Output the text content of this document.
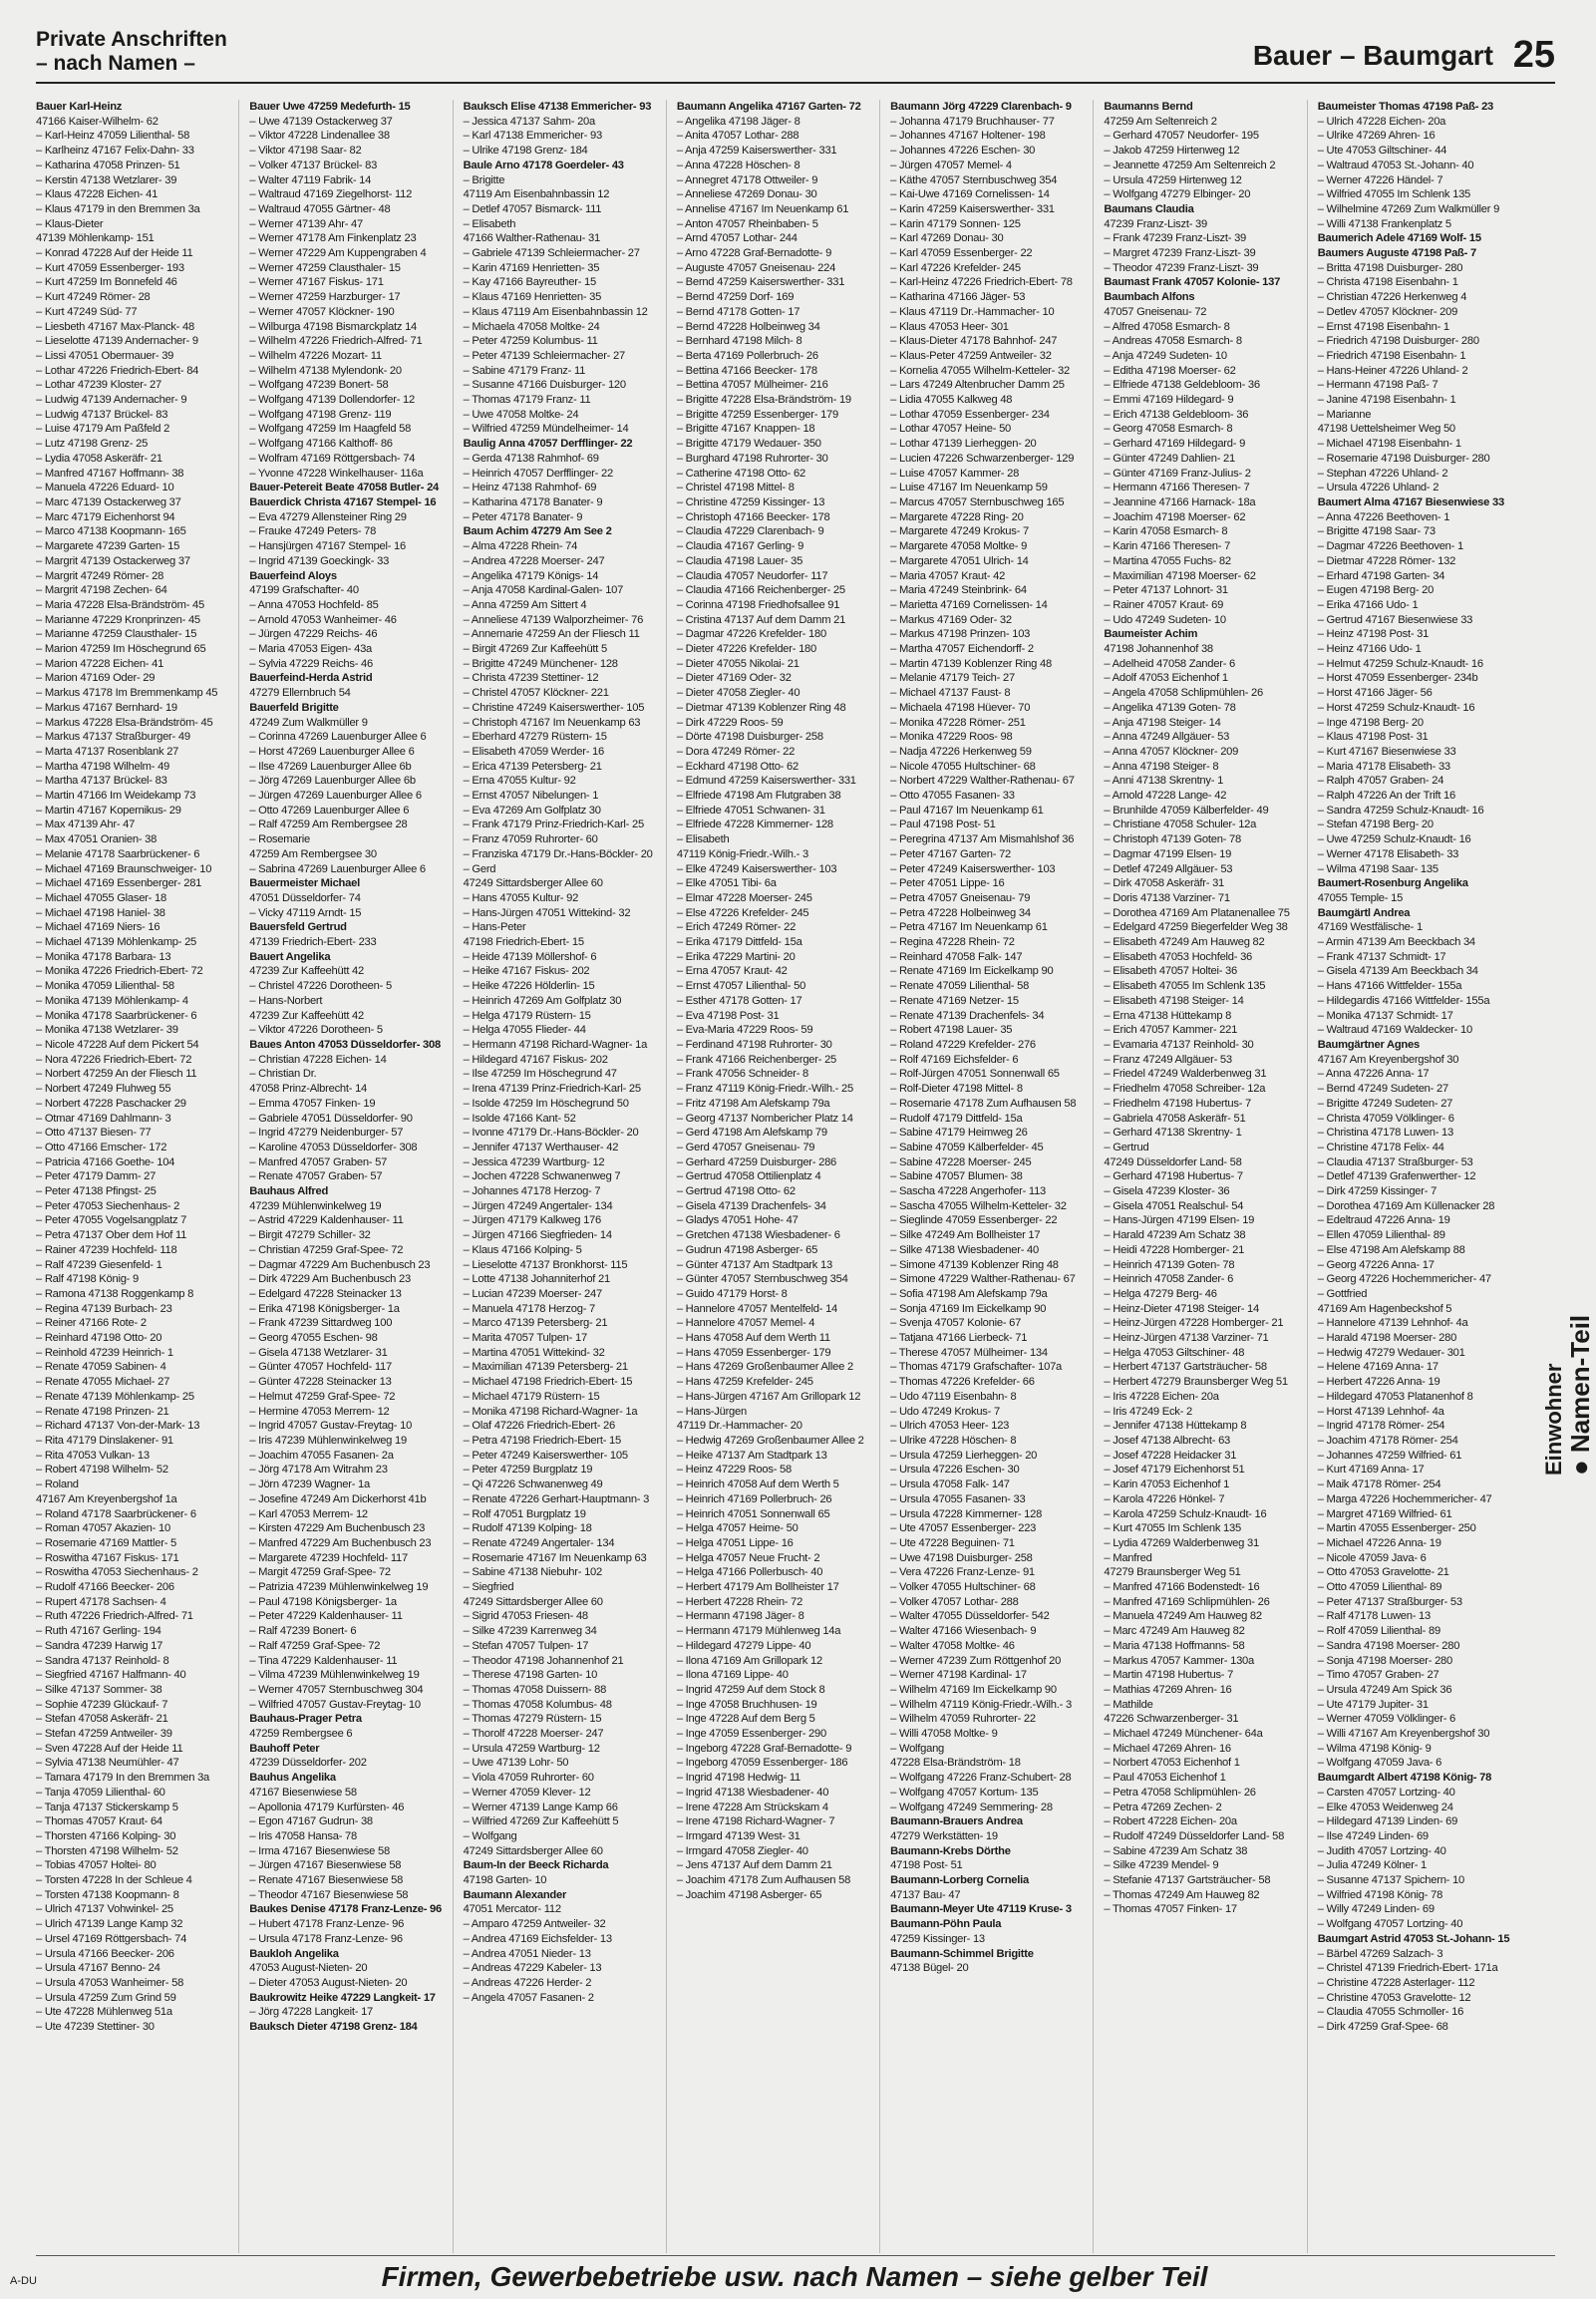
Private Anschriften
– nach Namen –	Bauer – Baumgart 25
Bauer Karl-Heinz
47166 Kaiser-Wilhelm- 62
– Karl-Heinz 47059 Lilienthal- 58
– Karlheinz 47167 Felix-Dahn- 33
– Katharina 47058 Prinzen- 51
– Kerstin 47138 Wetzlarer- 39
– Klaus 47228 Eichen- 41
– Klaus 47179 in den Bremmen 3a
– Klaus-Dieter
47139 Möhlenkamp- 151
– Konrad 47228 Auf der Heide 11
– Kurt 47059 Essenberger- 193
– Kurt 47259 Im Bonnefeld 46
– Kurt 47249 Römer- 28
– Kurt 47249 Süd- 77
– Liesbeth 47167 Max-Planck- 48
– Lieselotte 47139 Andernacher- 9
– Lissi 47051 Obermauer- 39
– Lothar 47226 Friedrich-Ebert- 84
– Lothar 47239 Kloster- 27
– Ludwig 47139 Andernacher- 9
– Ludwig 47137 Brückel- 83
– Luise 47179 Am Paßfeld 2
– Lutz 47198 Grenz- 25
– Lydia 47058 Askeräfr- 21
– Manfred 47167 Hoffmann- 38
– Manuela 47226 Eduard- 10
– Marc 47139 Ostackerweg 37
– Marc 47179 Eichenhorst 94
– Marco 47138 Koopmann- 165
– Margarete 47239 Garten- 15
– Margrit 47139 Ostackerweg 37
– Margrit 47249 Römer- 28
– Margrit 47198 Zechen- 64
– Maria 47228 Elsa-Brändström- 45
– Marianne 47229 Kronprinzen- 45
– Marianne 47259 Clausthaler- 15
– Marion 47259 Im Höschegrund 65
– Marion 47228 Eichen- 41
– Marion 47169 Oder- 29
– Markus 47178 Im Bremmenkamp 45
– Markus 47167 Bernhard- 19
– Markus 47228 Elsa-Brändström- 45
– Markus 47137 Straßburger- 49
– Marta 47137 Rosenblank 27
– Martha 47198 Wilhelm- 49
– Martha 47137 Brückel- 83
– Martin 47166 Im Weidekamp 73
– Martin 47167 Kopernikus- 29
– Max 47139 Ahr- 47
– Max 47051 Oranien- 38
– Melanie 47178 Saarbrückener- 6
– Michael 47169 Braunschweiger- 10
– Michael 47169 Essenberger- 281
– Michael 47055 Glaser- 18
– Michael 47198 Haniel- 38
– Michael 47169 Niers- 16
– Michael 47139 Möhlenkamp- 25
– Monika 47178 Barbara- 13
– Monika 47226 Friedrich-Ebert- 72
– Monika 47059 Lilienthal- 58
– Monika 47139 Möhlenkamp- 4
– Monika 47178 Saarbrückener- 6
– Monika 47138 Wetzlarer- 39
– Nicole 47228 Auf dem Pickert 54
– Nora 47226 Friedrich-Ebert- 72
– Norbert 47259 An der Fliesch 11
– Norbert 47249 Fluhweg 55
– Norbert 47228 Paschacker 29
– Otmar 47169 Dahlmann- 3
– Otto 47137 Biesen- 77
– Otto 47166 Emscher- 172
– Patricia 47166 Goethe- 104
– Peter 47179 Damm- 27
– Peter 47138 Pfingst- 25
– Peter 47053 Siechenhaus- 2
– Peter 47055 Vogelsangplatz 7
– Petra 47137 Ober dem Hof 11
– Rainer 47239 Hochfeld- 118
– Ralf 47239 Giesenfeld- 1
– Ralf 47198 König- 9
– Ramona 47138 Roggenkamp 8
– Regina 47139 Burbach- 23
– Reiner 47166 Rote- 2
– Reinhard 47198 Otto- 20
– Reinhold 47239 Heinrich- 1
– Renate 47059 Sabinen- 4
– Renate 47055 Michael- 27
– Renate 47139 Möhlenkamp- 25
– Renate 47198 Prinzen- 21
– Richard 47137 Von-der-Mark- 13
– Rita 47179 Dinslakener- 91
– Rita 47053 Vulkan- 13
– Robert 47198 Wilhelm- 52
– Roland
47167 Am Kreyenbergshof 1a
– Roland 47178 Saarbrückener- 6
– Roman 47057 Akazien- 10
– Rosemarie 47169 Mattler- 5
– Roswitha 47167 Fiskus- 171
– Roswitha 47053 Siechenhaus- 2
– Rudolf 47166 Beecker- 206
– Rupert 47178 Sachsen- 4
– Ruth 47226 Friedrich-Alfred- 71
– Ruth 47167 Gerling- 194
– Sandra 47239 Harwig 17
– Sandra 47137 Reinhold- 8
– Siegfried 47167 Halfmann- 40
– Silke 47137 Sommer- 38
– Sophie 47239 Glückauf- 7
– Stefan 47058 Askeräfr- 21
– Stefan 47259 Antweiler- 39
– Sven 47228 Auf der Heide 11
– Sylvia 47138 Neumühler- 47
– Tamara 47179 In den Bremmen 3a
– Tanja 47059 Lilienthal- 60
– Tanja 47137 Stickerskamp 5
– Thomas 47057 Kraut- 64
– Thorsten 47166 Kolping- 30
– Thorsten 47198 Wilhelm- 52
– Tobias 47057 Holtei- 80
– Torsten 47228 In der Schleue 4
– Torsten 47138 Koopmann- 8
– Ulrich 47137 Vohwinkel- 25
– Ulrich 47139 Lange Kamp 32
– Ursel 47169 Röttgersbach- 74
– Ursula 47166 Beecker- 206
– Ursula 47167 Benno- 24
– Ursula 47053 Wanheimer- 58
– Ursula 47259 Zum Grind 59
– Ute 47228 Mühlenweg 51a
– Ute 47239 Stettiner- 30
Bauer Uwe 47259 Medefurth- 15
– Uwe 47139 Ostackerweg 37
– Viktor 47228 Lindenallee 38
– Viktor 47198 Saar- 82
– Volker 47137 Brückel- 83
– Walter 47119 Fabrik- 14
– Waltraud 47169 Ziegelhorst- 112
– Waltraud 47055 Gärtner- 48
– Werner 47139 Ahr- 47
– Werner 47178 Am Finkenplatz 23
– Werner 47229 Am Kuppengraben 4
– Werner 47259 Clausthaler- 15
– Werner 47167 Fiskus- 171
– Werner 47259 Harzburger- 17
– Werner 47057 Klöckner- 190
– Wilburga 47198 Bismarckplatz 14
– Wilhelm 47226 Friedrich-Alfred- 71
– Wilhelm 47226 Mozart- 11
– Wilhelm 47138 Mylendonk- 20
– Wolfgang 47239 Bonert- 58
– Wolfgang 47139 Dollendorfer- 12
– Wolfgang 47198 Grenz- 119
– Wolfgang 47259 Im Haagfeld 58
– Wolfgang 47166 Kalthoff- 86
– Wolfram 47169 Röttgersbach- 74
– Yvonne 47228 Winkelhauser- 116a
Bauer-Petereit Beate 47058 Butler- 24
Bauerdick Christa 47167 Stempel- 16
– Eva 47279 Allensteiner Ring 29
– Frauke 47249 Peters- 78
– Hansjürgen 47167 Stempel- 16
– Ingrid 47139 Goeckingk- 33
Bauerfeind Aloys
47199 Grafschafter- 40
– Anna 47053 Hochfeld- 85
– Arnold 47053 Wanheimer- 46
– Jürgen 47229 Reichs- 46
– Maria 47053 Eigen- 43a
– Sylvia 47229 Reichs- 46
Bauerfeind-Herda Astrid
47279 Ellernbruch 54
Bauerfeld Brigitte
47249 Zum Walkmüller 9
– Corinna 47269 Lauenburger Allee 6
– Horst 47269 Lauenburger Allee 6
– Ilse 47269 Lauenburger Allee 6b
– Jörg 47269 Lauenburger Allee 6b
– Jürgen 47269 Lauenburger Allee 6
– Otto 47269 Lauenburger Allee 6
– Ralf 47259 Am Rembergsee 28
– Rosemarie
47259 Am Rembergsee 30
– Sabrina 47269 Lauenburger Allee 6
Bauermeister Michael
47051 Düsseldorfer- 74
– Vicky 47119 Arndt- 15
Bauersfeld Gertrud
47139 Friedrich-Ebert- 233
Bauert Angelika
47239 Zur Kaffeehütt 42
– Christel 47226 Dorotheen- 5
– Hans-Norbert
47239 Zur Kaffeehütt 42
– Viktor 47226 Dorotheen- 5
Baues Anton 47053 Düsseldorfer- 308
– Christian 47228 Eichen- 14
– Christian Dr.
47058 Prinz-Albrecht- 14
– Emma 47057 Finken- 19
– Gabriele 47051 Düsseldorfer- 90
– Ingrid 47279 Neidenburger- 57
– Karoline 47053 Düsseldorfer- 308
– Manfred 47057 Graben- 57
– Renate 47057 Graben- 57
Bauhaus Alfred
47239 Mühlenwinkelweg 19
– Astrid 47229 Kaldenhauser- 11
– Birgit 47279 Schiller- 32
– Christian 47259 Graf-Spee- 72
– Dagmar 47229 Am Buchenbusch 23
– Dirk 47229 Am Buchenbusch 23
– Edelgard 47228 Steinacker 13
– Erika 47198 Königsberger- 1a
– Frank 47239 Sittardweg 100
– Georg 47055 Eschen- 98
– Gisela 47138 Wetzlarer- 31
– Günter 47057 Hochfeld- 117
– Günter 47228 Steinacker 13
– Helmut 47259 Graf-Spee- 72
– Hermine 47053 Merrem- 12
– Ingrid 47057 Gustav-Freytag- 10
– Iris 47239 Mühlenwinkelweg 19
– Joachim 47055 Fasanen- 2a
– Jörg 47178 Am Witrahm 23
– Jörn 47239 Wagner- 1a
– Josefine 47249 Am Dickerhorst 41b
– Karl 47053 Merrem- 12
– Kirsten 47229 Am Buchenbusch 23
– Manfred 47229 Am Buchenbusch 23
– Margarete 47239 Hochfeld- 117
– Margit 47259 Graf-Spee- 72
– Patrizia 47239 Mühlenwinkelweg 19
– Paul 47198 Königsberger- 1a
– Peter 47229 Kaldenhauser- 11
– Ralf 47239 Bonert- 6
– Ralf 47259 Graf-Spee- 72
– Tina 47229 Kaldenhauser- 11
– Vilma 47239 Mühlenwinkelweg 19
– Werner 47057 Sternbuschweg 304
– Wilfried 47057 Gustav-Freytag- 10
Bauhaus-Prager Petra
47259 Rembergsee 6
Bauhoff Peter
47239 Düsseldorfer- 202
Bauhus Angelika
47167 Biesenwiese 58
– Apollonia 47179 Kurfürsten- 46
– Egon 47167 Gudrun- 38
– Iris 47058 Hansa- 78
– Irma 47167 Biesenwiese 58
– Jürgen 47167 Biesenwiese 58
– Renate 47167 Biesenwiese 58
– Theodor 47167 Biesenwiese 58
Baukes Denise 47178 Franz-Lenze- 96
– Hubert 47178 Franz-Lenze- 96
– Ursula 47178 Franz-Lenze- 96
Baukloh Angelika
47053 August-Nieten- 20
– Dieter 47053 August-Nieten- 20
Baukrowitz Heike 47229 Langkeit- 17
– Jörg 47228 Langkeit- 17
Bauksch Dieter 47198 Grenz- 184
Bauksch Elise 47138 Emmericher- 93
– Jessica 47137 Sahm- 20a
– Karl 47138 Emmericher- 93
– Ulrike 47198 Grenz- 184
Baule Arno 47178 Goerdeler- 43
– Brigitte
47119 Am Eisenbahnbassin 12
– Detlef 47057 Bismarck- 111
– Elisabeth
47166 Walther-Rathenau- 31
– Gabriele 47139 Schleiermacher- 27
– Karin 47169 Henrietten- 35
– Kay 47166 Bayreuther- 15
– Klaus 47169 Henrietten- 35
– Klaus 47119 Am Eisenbahnbassin 12
– Michaela 47058 Moltke- 24
– Peter 47259 Kolumbus- 11
– Peter 47139 Schleiermacher- 27
– Sabine 47179 Franz- 11
– Susanne 47166 Duisburger- 120
– Thomas 47179 Franz- 11
– Uwe 47058 Moltke- 24
– Wilfried 47259 Mündelheimer- 14
Baulig Anna 47057 Derfflinger- 22
– Gerda 47138 Rahmhof- 69
– Heinrich 47057 Derfflinger- 22
– Heinz 47138 Rahmhof- 69
– Katharina 47178 Banater- 9
– Peter 47178 Banater- 9
Baum Achim 47279 Am See 2
– Alma 47228 Rhein- 74
– Andrea 47228 Moerser- 247
– Angelika 47179 Königs- 14
– Anja 47058 Kardinal-Galen- 107
– Anna 47259 Am Sittert 4
– Anneliese 47139 Walporzheimer- 76
– Annemarie 47259 An der Fliesch 11
– Birgit 47269 Zur Kaffeehütt 5
– Brigitte 47249 Münchener- 128
– Christa 47239 Stettiner- 12
– Christel 47057 Klöckner- 221
– Christine 47249 Kaiserswerther- 105
– Christoph 47167 Im Neuenkamp 63
– Eberhard 47279 Rüstern- 15
– Elisabeth 47059 Werder- 16
– Erica 47139 Petersberg- 21
– Erna 47055 Kultur- 92
– Ernst 47057 Nibelungen- 1
– Eva 47269 Am Golfplatz 30
– Frank 47179 Prinz-Friedrich-Karl- 25
– Franz 47059 Ruhrorter- 60
– Franziska 47179 Dr.-Hans-Böckler- 20
– Gerd
47249 Sittardsberger Allee 60
– Hans 47055 Kultur- 92
– Hans-Jürgen 47051 Wittekind- 32
– Hans-Peter
47198 Friedrich-Ebert- 15
– Heide 47139 Möllershof- 6
– Heike 47167 Fiskus- 202
– Heike 47226 Hölderlin- 15
– Heinrich 47269 Am Golfplatz 30
– Helga 47179 Rüstern- 15
– Helga 47055 Flieder- 44
– Hermann 47198 Richard-Wagner- 1a
– Hildegard 47167 Fiskus- 202
– Ilse 47259 Im Höschegrund 47
– Irena 47139 Prinz-Friedrich-Karl- 25
– Isolde 47259 Im Höschegrund 50
– Isolde 47166 Kant- 52
– Ivonne 47179 Dr.-Hans-Böckler- 20
– Jennifer 47137 Werthauser- 42
– Jessica 47239 Wartburg- 12
– Jochen 47228 Schwanenweg 7
– Johannes 47178 Herzog- 7
– Jürgen 47249 Angertaler- 134
– Jürgen 47179 Kalkweg 176
– Jürgen 47166 Siegfrieden- 14
– Klaus 47166 Kolping- 5
– Lieselotte 47137 Bronkhorst- 115
– Lotte 47138 Johanniterhof 21
– Lucian 47239 Moerser- 247
– Manuela 47178 Herzog- 7
– Marco 47139 Petersberg- 21
– Marita 47057 Tulpen- 17
– Martina 47051 Wittekind- 32
– Maximilian 47139 Petersberg- 21
– Michael 47198 Friedrich-Ebert- 15
– Michael 47179 Rüstern- 15
– Monika 47198 Richard-Wagner- 1a
– Olaf 47226 Friedrich-Ebert- 26
– Petra 47198 Friedrich-Ebert- 15
– Peter 47249 Kaiserswerther- 105
– Peter 47259 Burgplatz 19
– Qi 47226 Schwanenweg 49
– Renate 47226 Gerhart-Hauptmann- 3
– Rolf 47051 Burgplatz 19
– Rudolf 47139 Kolping- 18
– Renate 47249 Angertaler- 134
– Rosemarie 47167 Im Neuenkamp 63
– Sabine 47138 Niebuhr- 102
– Siegfried
47249 Sittardsberger Allee 60
– Sigrid 47053 Friesen- 48
– Silke 47239 Karrenweg 34
– Stefan 47057 Tulpen- 17
– Theodor 47198 Johannenhof 21
– Therese 47198 Garten- 10
– Thomas 47058 Duissern- 88
– Thomas 47058 Kolumbus- 48
– Thomas 47279 Rüstern- 15
– Thorolf 47228 Moerser- 247
– Ursula 47259 Wartburg- 12
– Uwe 47139 Lohr- 50
– Viola 47059 Ruhrorter- 60
– Werner 47059 Klever- 12
– Werner 47139 Lange Kamp 66
– Wilfried 47269 Zur Kaffeehütt 5
– Wolfgang
47249 Sittardsberger Allee 60
Baum-In der Beeck Richarda
47198 Garten- 10
Baumann Alexander
47051 Mercator- 112
– Amparo 47259 Antweiler- 32
– Andrea 47169 Eichsfelder- 13
– Andrea 47051 Nieder- 13
– Andreas 47229 Kabeler- 13
– Andreas 47226 Herder- 2
– Angela 47057 Fasanen- 2
Baumann Angelika 47167 Garten- 72
– Angelika 47198 Jäger- 8
– Anita 47057 Lothar- 288
– Anja 47259 Kaiserswerther- 331
– Anna 47228 Höschen- 8
– Annegret 47178 Ottweiler- 9
– Anneliese 47269 Donau- 30
– Annelise 47167 Im Neuenkamp 61
– Anton 47057 Rheinbaben- 5
– Arnd 47057 Lothar- 244
– Arno 47228 Graf-Bernadotte- 9
– Auguste 47057 Gneisenau- 224
– Bernd 47259 Kaiserswerther- 331
– Bernd 47259 Dorf- 169
– Bernd 47178 Gotten- 17
– Bernd 47228 Holbeinweg 34
– Bernhard 47198 Milch- 8
– Berta 47169 Pollerbruch- 26
– Bettina 47166 Beecker- 178
– Bettina 47057 Mülheimer- 216
– Brigitte 47228 Elsa-Brändström- 19
– Brigitte 47259 Essenberger- 179
– Brigitte 47167 Knappen- 18
– Brigitte 47179 Wedauer- 350
– Burghard 47198 Ruhrorter- 30
– Catherine 47198 Otto- 62
– Christel 47198 Mittel- 8
– Christine 47259 Kissinger- 13
– Christoph 47166 Beecker- 178
– Claudia 47229 Clarenbach- 9
– Claudia 47167 Gerling- 9
– Claudia 47198 Lauer- 35
– Claudia 47057 Neudorfer- 117
– Claudia 47166 Reichenberger- 25
– Corinna 47198 Friedhofsallee 91
– Cristina 47137 Auf dem Damm 21
– Dagmar 47226 Krefelder- 180
– Dieter 47226 Krefelder- 180
– Dieter 47055 Nikolai- 21
– Dieter 47169 Oder- 32
– Dieter 47058 Ziegler- 40
– Dietmar 47139 Koblenzer Ring 48
– Dirk 47229 Roos- 59
– Dörte 47198 Duisburger- 258
– Dora 47249 Römer- 22
– Eckhard 47198 Otto- 62
– Edmund 47259 Kaiserswerther- 331
– Elfriede 47198 Am Flutgraben 38
– Elfriede 47051 Schwanen- 31
– Elfriede 47228 Kimmerner- 128
– Elisabeth
47119 König-Friedr.-Wilh.- 3
– Elke 47249 Kaiserswerther- 103
– Elke 47051 Tibi- 6a
– Elmar 47228 Moerser- 245
– Else 47226 Krefelder- 245
– Erich 47249 Römer- 22
– Erika 47179 Dittfeld- 15a
– Erika 47229 Martini- 20
– Erna 47057 Kraut- 42
– Ernst 47057 Lilienthal- 50
– Esther 47178 Gotten- 17
– Eva 47198 Post- 31
– Eva-Maria 47229 Roos- 59
– Ferdinand 47198 Ruhrorter- 30
– Frank 47166 Reichenberger- 25
– Frank 47056 Schneider- 8
– Franz 47119 König-Friedr.-Wilh.- 25
– Fritz 47198 Am Alefskamp 79a
– Georg 47137 Nombericher Platz 14
– Gerd 47198 Am Alefskamp 79
– Gerd 47057 Gneisenau- 79
– Gerhard 47259 Duisburger- 286
– Gertrud 47058 Ottilienplatz 4
– Gertrud 47198 Otto- 62
– Gisela 47139 Drachenfels- 34
– Gladys 47051 Hohe- 47
– Gretchen 47138 Wiesbadener- 6
– Gudrun 47198 Asberger- 65
– Günter 47137 Am Stadtpark 13
– Günter 47057 Sternbuschweg 354
– Guido 47179 Horst- 8
– Hannelore 47057 Mentelfeld- 14
– Hannelore 47057 Memel- 4
– Hans 47058 Auf dem Werth 11
– Hans 47059 Essenberger- 179
– Hans 47269 Großenbaumer Allee 2
– Hans 47259 Krefelder- 245
– Hans-Jürgen 47167 Am Grillopark 12
– Hans-Jürgen
47119 Dr.-Hammacher- 20
– Hedwig 47269 Großenbaumer Allee 2
– Heike 47137 Am Stadtpark 13
– Heinz 47229 Roos- 58
– Heinrich 47058 Auf dem Werth 5
– Heinrich 47169 Pollerbruch- 26
– Heinrich 47051 Sonnenwall 65
– Helga 47057 Heime- 50
– Helga 47051 Lippe- 16
– Helga 47057 Neue Frucht- 2
– Helga 47166 Pollerbusch- 40
– Herbert 47179 Am Bollheister 17
– Herbert 47228 Rhein- 72
– Hermann 47198 Jäger- 8
– Hermann 47179 Mühlenweg 14a
– Hildegard 47279 Lippe- 40
– Ilona 47169 Am Grillopark 12
– Ilona 47169 Lippe- 40
– Ingrid 47259 Auf dem Stock 8
– Inge 47058 Bruchhusen- 19
– Inge 47228 Auf dem Berg 5
– Inge 47059 Essenberger- 290
– Ingeborg 47228 Graf-Bernadotte- 9
– Ingeborg 47059 Essenberger- 186
– Ingrid 47198 Hedwig- 11
– Ingrid 47138 Wiesbadener- 40
– Irene 47228 Am Strückskam 4
– Irene 47198 Richard-Wagner- 7
– Irmgard 47139 West- 31
– Irmgard 47058 Ziegler- 40
– Jens 47137 Auf dem Damm 21
– Joachim 47178 Zum Aufhausen 58
– Joachim 47198 Asberger- 65
Baumann Jörg 47229 Clarenbach- 9
– Johanna 47179 Bruchhauser- 77
– Johannes 47167 Holtener- 198
– Johannes 47226 Eschen- 30
– Jürgen 47057 Memel- 4
– Käthe 47057 Sternbuschweg 354
– Kai-Uwe 47169 Cornelissen- 14
– Karin 47259 Kaiserswerther- 331
– Karin 47179 Sonnen- 125
– Karl 47269 Donau- 30
– Karl 47059 Essenberger- 22
– Karl 47226 Krefelder- 245
– Karl-Heinz 47226 Friedrich-Ebert- 78
– Katharina 47166 Jäger- 53
– Klaus 47119 Dr.-Hammacher- 10
– Klaus 47053 Heer- 301
– Klaus-Dieter 47178 Bahnhof- 247
– Klaus-Peter 47259 Antweiler- 32
– Kornelia 47055 Wilhelm-Ketteler- 32
– Lars 47249 Altenbrucher Damm 25
– Lidia 47055 Kalkweg 48
– Lothar 47059 Essenberger- 234
– Lothar 47057 Heine- 50
– Lothar 47139 Lierheggen- 20
– Lucien 47226 Schwarzenberger- 129
– Luise 47057 Kammer- 28
– Luise 47167 Im Neuenkamp 59
– Marcus 47057 Sternbuschweg 165
– Margarete 47228 Ring- 20
– Margarete 47249 Krokus- 7
– Margarete 47058 Moltke- 9
– Margarete 47051 Ulrich- 14
– Maria 47057 Kraut- 42
– Maria 47249 Steinbrink- 64
– Marietta 47169 Cornelissen- 14
– Markus 47169 Oder- 32
– Markus 47198 Prinzen- 103
– Martha 47057 Eichendorff- 2
– Martin 47139 Koblenzer Ring 48
– Melanie 47179 Teich- 27
– Michael 47137 Faust- 8
– Michaela 47198 Hüever- 70
– Monika 47228 Römer- 251
– Monika 47229 Roos- 98
– Nadja 47226 Herkenweg 59
– Nicole 47055 Hultschiner- 68
– Norbert 47229 Walther-Rathenau- 67
– Otto 47055 Fasanen- 33
– Paul 47167 Im Neuenkamp 61
– Paul 47198 Post- 51
– Peregrina 47137 Am Mismahlshof 36
– Peter 47167 Garten- 72
– Peter 47249 Kaiserswerther- 103
– Peter 47051 Lippe- 16
– Petra 47057 Gneisenau- 79
– Petra 47228 Holbeinweg 34
– Petra 47167 Im Neuenkamp 61
– Regina 47228 Rhein- 72
– Reinhard 47058 Falk- 147
– Renate 47169 Im Eickelkamp 90
– Renate 47059 Lilienthal- 58
– Renate 47169 Netzer- 15
– Renate 47139 Drachenfels- 34
– Robert 47198 Lauer- 35
– Roland 47229 Krefelder- 276
– Rolf 47169 Eichsfelder- 6
– Rolf-Jürgen 47051 Sonnenwall 65
– Rolf-Dieter 47198 Mittel- 8
– Rosemarie 47178 Zum Aufhausen 58
– Rudolf 47179 Dittfeld- 15a
– Sabine 47179 Heimweg 26
– Sabine 47059 Kälberfelder- 45
– Sabine 47228 Moerser- 245
– Sabine 47057 Blumen- 38
– Sascha 47228 Angerhofer- 113
– Sascha 47055 Wilhelm-Ketteler- 32
– Sieglinde 47059 Essenberger- 22
– Silke 47249 Am Bollheister 17
– Silke 47138 Wiesbadener- 40
– Simone 47139 Koblenzer Ring 48
– Simone 47229 Walther-Rathenau- 67
– Sofia 47198 Am Alefskamp 79a
– Sonja 47169 Im Eickelkamp 90
– Svenja 47057 Kolonie- 67
– Tatjana 47166 Lierbeck- 71
– Therese 47057 Mülheimer- 134
– Thomas 47179 Grafschafter- 107a
– Thomas 47226 Krefelder- 66
– Udo 47119 Eisenbahn- 8
– Udo 47249 Krokus- 7
– Ulrich 47053 Heer- 123
– Ulrike 47228 Höschen- 8
– Ursula 47259 Lierheggen- 20
– Ursula 47226 Eschen- 30
– Ursula 47058 Falk- 147
– Ursula 47055 Fasanen- 33
– Ursula 47228 Kimmerner- 128
– Ute 47057 Essenberger- 223
– Ute 47228 Beguinen- 71
– Uwe 47198 Duisburger- 258
– Vera 47226 Franz-Lenze- 91
– Volker 47055 Hultschiner- 68
– Volker 47057 Lothar- 288
– Walter 47055 Düsseldorfer- 542
– Walter 47166 Wiesenbach- 9
– Walter 47058 Moltke- 46
– Werner 47239 Zum Röttgenhof 20
– Werner 47198 Kardinal- 17
– Wilhelm 47169 Im Eickelkamp 90
– Wilhelm 47119 König-Friedr.-Wilh.- 3
– Wilhelm 47059 Ruhrorter- 22
– Willi 47058 Moltke- 9
– Wolfgang
47228 Elsa-Brändström- 18
– Wolfgang 47226 Franz-Schubert- 28
– Wolfgang 47057 Kortum- 135
– Wolfgang 47249 Semmering- 28
Baumann-Brauers Andrea
47279 Werkstätten- 19
Baumann-Krebs Dörthe
47198 Post- 51
Baumann-Lorberg Cornelia
47137 Bau- 47
Baumann-Meyer Ute 47119 Kruse- 3
Baumann-Pöhn Paula
47259 Kissinger- 13
Baumann-Schimmel Brigitte
47138 Bügel- 20
Baumanns Bernd
47259 Am Seltenreich 2
– Gerhard 47057 Neudorfer- 195
– Jakob 47259 Hirtenweg 12
– Jeannette 47259 Am Seltenreich 2
– Ursula 47259 Hirtenweg 12
– Wolfgang 47279 Elbinger- 20
Baumans Claudia
47239 Franz-Liszt- 39
– Frank 47239 Franz-Liszt- 39
– Margret 47239 Franz-Liszt- 39
– Theodor 47239 Franz-Liszt- 39
Baumast Frank 47057 Kolonie- 137
Baumbach Alfons
47057 Gneisenau- 72
– Alfred 47058 Esmarch- 8
– Andreas 47058 Esmarch- 8
– Anja 47249 Sudeten- 10
– Editha 47198 Moerser- 62
– Elfriede 47138 Geldebloom- 36
– Emmi 47169 Hildegard- 9
– Erich 47138 Geldebloom- 36
– Georg 47058 Esmarch- 8
– Gerhard 47169 Hildegard- 9
– Günter 47249 Dahlien- 21
– Günter 47169 Franz-Julius- 2
– Hermann 47166 Theresen- 7
– Jeannine 47166 Harnack- 18a
– Joachim 47198 Moerser- 62
– Karin 47058 Esmarch- 8
– Karin 47166 Theresen- 7
– Martina 47055 Fuchs- 82
– Maximilian 47198 Moerser- 62
– Peter 47137 Lohnort- 31
– Rainer 47057 Kraut- 69
– Udo 47249 Sudeten- 10
Baumeister Achim
47198 Johannenhof 38
– Adelheid 47058 Zander- 6
– Adolf 47053 Eichenhof 1
– Angela 47058 Schlipmühlen- 26
– Angelika 47139 Goten- 78
– Anja 47198 Steiger- 14
– Anna 47249 Allgäuer- 53
– Anna 47057 Klöckner- 209
– Anna 47198 Steiger- 8
– Anni 47138 Skrentny- 1
– Arnold 47228 Lange- 42
– Brunhilde 47059 Kälberfelder- 49
– Christiane 47058 Schuler- 12a
– Christoph 47139 Goten- 78
– Dagmar 47199 Elsen- 19
– Detlef 47249 Allgäuer- 53
– Dirk 47058 Askeräfr- 31
– Doris 47138 Varziner- 71
– Dorothea 47169 Am Platanenallee 75
– Edelgard 47259 Biegerfelder Weg 38
– Elisabeth 47249 Am Hauweg 82
– Elisabeth 47053 Hochfeld- 36
– Elisabeth 47057 Holtei- 36
– Elisabeth 47055 Im Schlenk 135
– Elisabeth 47198 Steiger- 14
– Erna 47138 Hüttekamp 8
– Erich 47057 Kammer- 221
– Evamaria 47137 Reinhold- 30
– Franz 47249 Allgäuer- 53
– Friedel 47249 Walderbenweg 31
– Friedhelm 47058 Schreiber- 12a
– Friedhelm 47198 Hubertus- 7
– Gabriela 47058 Askeräfr- 51
– Gerhard 47138 Skrentny- 1
– Gertrud
47249 Düsseldorfer Land- 58
– Gerhard 47198 Hubertus- 7
– Gisela 47239 Kloster- 36
– Gisela 47051 Realschul- 54
– Hans-Jürgen 47199 Elsen- 19
– Harald 47239 Am Schatz 38
– Heidi 47228 Homberger- 21
– Heinrich 47139 Goten- 78
– Heinrich 47058 Zander- 6
– Helga 47279 Berg- 46
– Heinz-Dieter 47198 Steiger- 14
– Heinz-Jürgen 47228 Homberger- 21
– Heinz-Jürgen 47138 Varziner- 71
– Helga 47053 Giltschiner- 48
– Herbert 47137 Gartsträucher- 58
– Herbert 47279 Braunsberger Weg 51
– Iris 47228 Eichen- 20a
– Iris 47249 Eck- 2
– Jennifer 47138 Hüttekamp 8
– Josef 47138 Albrecht- 63
– Josef 47228 Heidacker 31
– Josef 47179 Eichenhorst 51
– Karin 47053 Eichenhof 1
– Karola 47226 Hönkel- 7
– Karola 47259 Schulz-Knaudt- 16
– Kurt 47055 Im Schlenk 135
– Lydia 47269 Walderbenweg 31
– Manfred
47279 Braunsberger Weg 51
– Manfred 47166 Bodenstedt- 16
– Manfred 47169 Schlipmühlen- 26
– Manuela 47249 Am Hauweg 82
– Marc 47249 Am Hauweg 82
– Maria 47138 Hoffmanns- 58
– Markus 47057 Kammer- 130a
– Martin 47198 Hubertus- 7
– Mathias 47269 Ahren- 16
– Mathilde
47226 Schwarzenberger- 31
– Michael 47249 Münchener- 64a
– Michael 47269 Ahren- 16
– Norbert 47053 Eichenhof 1
– Paul 47053 Eichenhof 1
– Petra 47058 Schlipmühlen- 26
– Petra 47269 Zechen- 2
– Robert 47228 Eichen- 20a
– Rudolf 47249 Düsseldorfer Land- 58
– Sabine 47239 Am Schatz 38
– Silke 47239 Mendel- 9
– Stefanie 47137 Gartsträucher- 58
– Thomas 47249 Am Hauweg 82
– Thomas 47057 Finken- 17
Baumeister Thomas 47198 Paß- 23
– Ulrich 47228 Eichen- 20a
– Ulrike 47269 Ahren- 16
– Ute 47053 Giltschiner- 44
– Waltraud 47053 St.-Johann- 40
– Werner 47226 Händel- 7
– Wilfried 47055 Im Schlenk 135
– Wilhelmine 47269 Zum Walkmüller 9
– Willi 47138 Frankenplatz 5
Baumerich Adele 47169 Wolf- 15
Baumers Auguste 47198 Paß- 7
– Britta 47198 Duisburger- 280
– Christa 47198 Eisenbahn- 1
– Christian 47226 Herkenweg 4
– Detlev 47057 Klöckner- 209
– Ernst 47198 Eisenbahn- 1
– Friedrich 47198 Duisburger- 280
– Friedrich 47198 Eisenbahn- 1
– Hans-Heiner 47226 Uhland- 2
– Hermann 47198 Paß- 7
– Janine 47198 Eisenbahn- 1
– Marianne
47198 Uettelsheimer Weg 50
– Michael 47198 Eisenbahn- 1
– Rosemarie 47198 Duisburger- 280
– Stephan 47226 Uhland- 2
– Ursula 47226 Uhland- 2
Baumert Alma 47167 Biesenwiese 33
– Anna 47226 Beethoven- 1
– Brigitte 47198 Saar- 73
– Dagmar 47226 Beethoven- 1
– Dietmar 47228 Römer- 132
– Erhard 47198 Garten- 34
– Eugen 47198 Berg- 20
– Erika 47166 Udo- 1
– Gertrud 47167 Biesenwiese 33
– Heinz 47198 Post- 31
– Heinz 47166 Udo- 1
– Helmut 47259 Schulz-Knaudt- 16
– Horst 47059 Essenberger- 234b
– Horst 47166 Jäger- 56
– Horst 47259 Schulz-Knaudt- 16
– Inge 47198 Berg- 20
– Klaus 47198 Post- 31
– Kurt 47167 Biesenwiese 33
– Maria 47178 Elisabeth- 33
– Ralph 47057 Graben- 24
– Ralph 47226 An der Trift 16
– Sandra 47259 Schulz-Knaudt- 16
– Stefan 47198 Berg- 20
– Uwe 47259 Schulz-Knaudt- 16
– Werner 47178 Elisabeth- 33
– Wilma 47198 Saar- 135
Baumert-Rosenburg Angelika
47055 Temple- 15
Baumgärtl Andrea
47169 Westfälische- 1
– Armin 47139 Am Beeckbach 34
– Frank 47137 Schmidt- 17
– Gisela 47139 Am Beeckbach 34
– Hans 47166 Wittfelder- 155a
– Hildegardis 47166 Wittfelder- 155a
– Monika 47137 Schmidt- 17
– Waltraud 47169 Waldecker- 10
Baumgärtner Agnes
47167 Am Kreyenbergshof 30
– Anna 47226 Anna- 17
– Bernd 47249 Sudeten- 27
– Brigitte 47249 Sudeten- 27
– Christa 47059 Völklinger- 6
– Christina 47178 Luwen- 13
– Christine 47178 Felix- 44
– Claudia 47137 Straßburger- 53
– Detlef 47139 Grafenwerther- 12
– Dirk 47259 Kissinger- 7
– Dorothea 47169 Am Küllenacker 28
– Edeltraud 47226 Anna- 19
– Ellen 47059 Lilienthal- 89
– Else 47198 Am Alefskamp 88
– Georg 47226 Anna- 17
– Georg 47226 Hochemmericher- 47
– Gottfried
47169 Am Hagenbeckshof 5
– Hannelore 47139 Lehnhof- 4a
– Harald 47198 Moerser- 280
– Hedwig 47279 Wedauer- 301
– Helene 47169 Anna- 17
– Herbert 47226 Anna- 19
– Hildegard 47053 Platanenhof 8
– Horst 47139 Lehnhof- 4a
– Ingrid 47178 Römer- 254
– Joachim 47178 Römer- 254
– Johannes 47259 Wilfried- 61
– Kurt 47169 Anna- 17
– Maik 47178 Römer- 254
– Marga 47226 Hochemmericher- 47
– Margret 47169 Wilfried- 61
– Martin 47055 Essenberger- 250
– Michael 47226 Anna- 19
– Nicole 47059 Java- 6
– Otto 47053 Gravelotte- 21
– Otto 47059 Lilienthal- 89
– Peter 47137 Straßburger- 53
– Ralf 47178 Luwen- 13
– Rolf 47059 Lilienthal- 89
– Sandra 47198 Moerser- 280
– Sonja 47198 Moerser- 280
– Timo 47057 Graben- 27
– Ursula 47249 Am Spick 36
– Ute 47179 Jupiter- 31
– Werner 47059 Völklinger- 6
– Willi 47167 Am Kreyenbergshof 30
– Wilma 47198 König- 9
– Wolfgang 47059 Java- 6
Baumgardt Albert 47198 König- 78
– Carsten 47057 Lortzing- 40
– Elke 47053 Weidenweg 24
– Hildegard 47139 Linden- 69
– Ilse 47249 Linden- 69
– Judith 47057 Lortzing- 40
– Julia 47249 Kölner- 1
– Susanne 47137 Spichern- 10
– Wilfried 47198 König- 78
– Willy 47249 Linden- 69
– Wolfgang 47057 Lortzing- 40
Baumgart Astrid 47053 St.-Johann- 15
– Bärbel 47269 Salzach- 3
– Christel 47139 Friedrich-Ebert- 171a
– Christine 47228 Asterlager- 112
– Christine 47053 Gravelotte- 12
– Claudia 47055 Schmoller- 16
– Dirk 47259 Graf-Spee- 68
Einwohner ● Namen-Teil
Firmen, Gewerbebetriebe usw. nach Namen – siehe gelber Teil
A-DU
